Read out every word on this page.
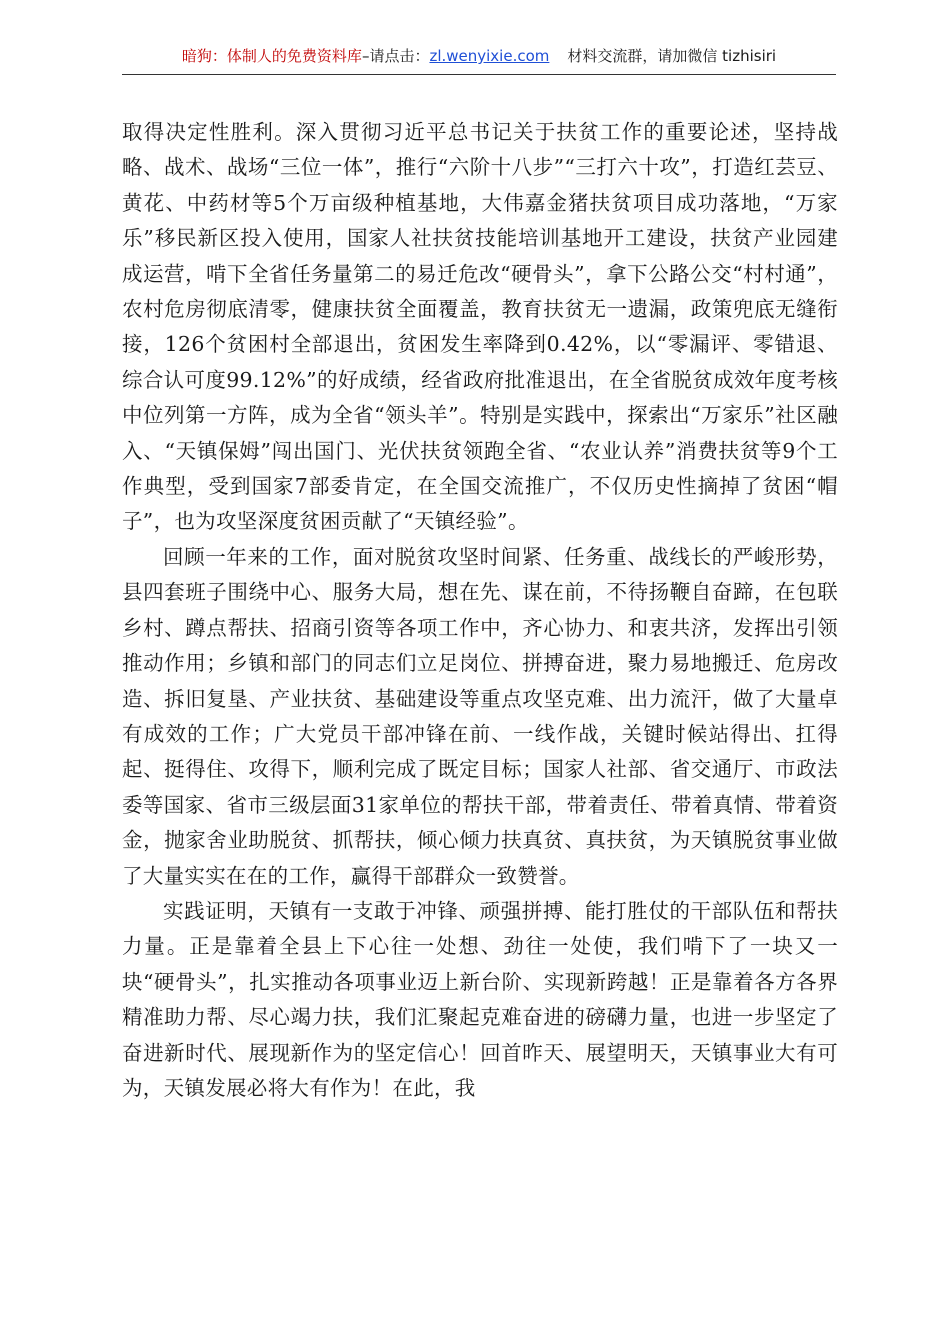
暗狗：体制人的免费资料库–请点击：zl.wenyixie.com 材料交流群，请加微信 tizhisiri

取得决定性胜利。深入贯彻习近平总书记关于扶贫工作的重要论述，坚持战略、战术、战场“三位一体”，推行“六阶十八步”“三打六十攻”，打造红芸豆、黄花、中药材等5个万亩级种植基地，大伟嘉金猪扶贫项目成功落地，“万家乐”移民新区投入使用，国家人社扶贫技能培训基地开工建设，扶贫产业园建成运营，啃下全省任务量第二的易迁危改“硬骨头”，拿下公路公交“村村通”，农村危房彻底清零，健康扶贫全面覆盖，教育扶贫无一遗漏，政策兜底无缝衔接，126个贫困村全部退出，贫困发生率降到0.42%，以“零漏评、零错退、综合认可度99.12%”的好成绩，经省政府批准退出，在全省脱贫成效年度考核中位列第一方阵，成为全省“领头羊”。特别是实践中，探索出“万家乐”社区融入、“天镇保姆”闯出国门、光伏扶贫领跑全省、“农业认养”消费扶贫等9个工作典型，受到国家7部委肯定，在全国交流推广，不仅历史性摘掉了贫困“帽子”，也为攻坚深度贫困贡献了“天镇经验”。

回顾一年来的工作，面对脱贫攻坚时间紧、任务重、战线长的严峻形势，县四套班子围绕中心、服务大局，想在先、谋在前，不待扬鞭自奋蹄，在包联乡村、蹲点帮扶、招商引资等各项工作中，齐心协力、和衷共济，发挥出引领推动作用；乡镇和部门的同志们立足岗位、拼搏奋进，聚力易地搬迁、危房改造、拆旧复垦、产业扶贫、基础建设等重点攻坚克难、出力流汗，做了大量卓有成效的工作；广大党员干部冲锋在前、一线作战，关键时候站得出、扛得起、挺得住、攻得下，顺利完成了既定目标；国家人社部、省交通厅、市政法委等国家、省市三级层面31家单位的帮扶干部，带着责任、带着真情、带着资金，抛家舍业助脱贫、抓帮扶，倾心倾力扶真贫、真扶贫，为天镇脱贫事业做了大量实实在在的工作，赢得干部群众一致赞誉。

实践证明，天镇有一支敢于冲锋、顽强拼搏、能打胜仗的干部队伍和帮扶力量。正是靠着全县上下心往一处想、劲往一处使，我们啃下了一块又一块“硬骨头”，扎实推动各项事业迈上新台阶、实现新跨越！正是靠着各方各界精准助力帮、尽心竭力扶，我们汇聚起克难奋进的磅礴力量，也进一步坚定了奋进新时代、展现新作为的坚定信心！回首昨天、展望明天，天镇事业大有可为，天镇发展必将大有作为！在此，我
